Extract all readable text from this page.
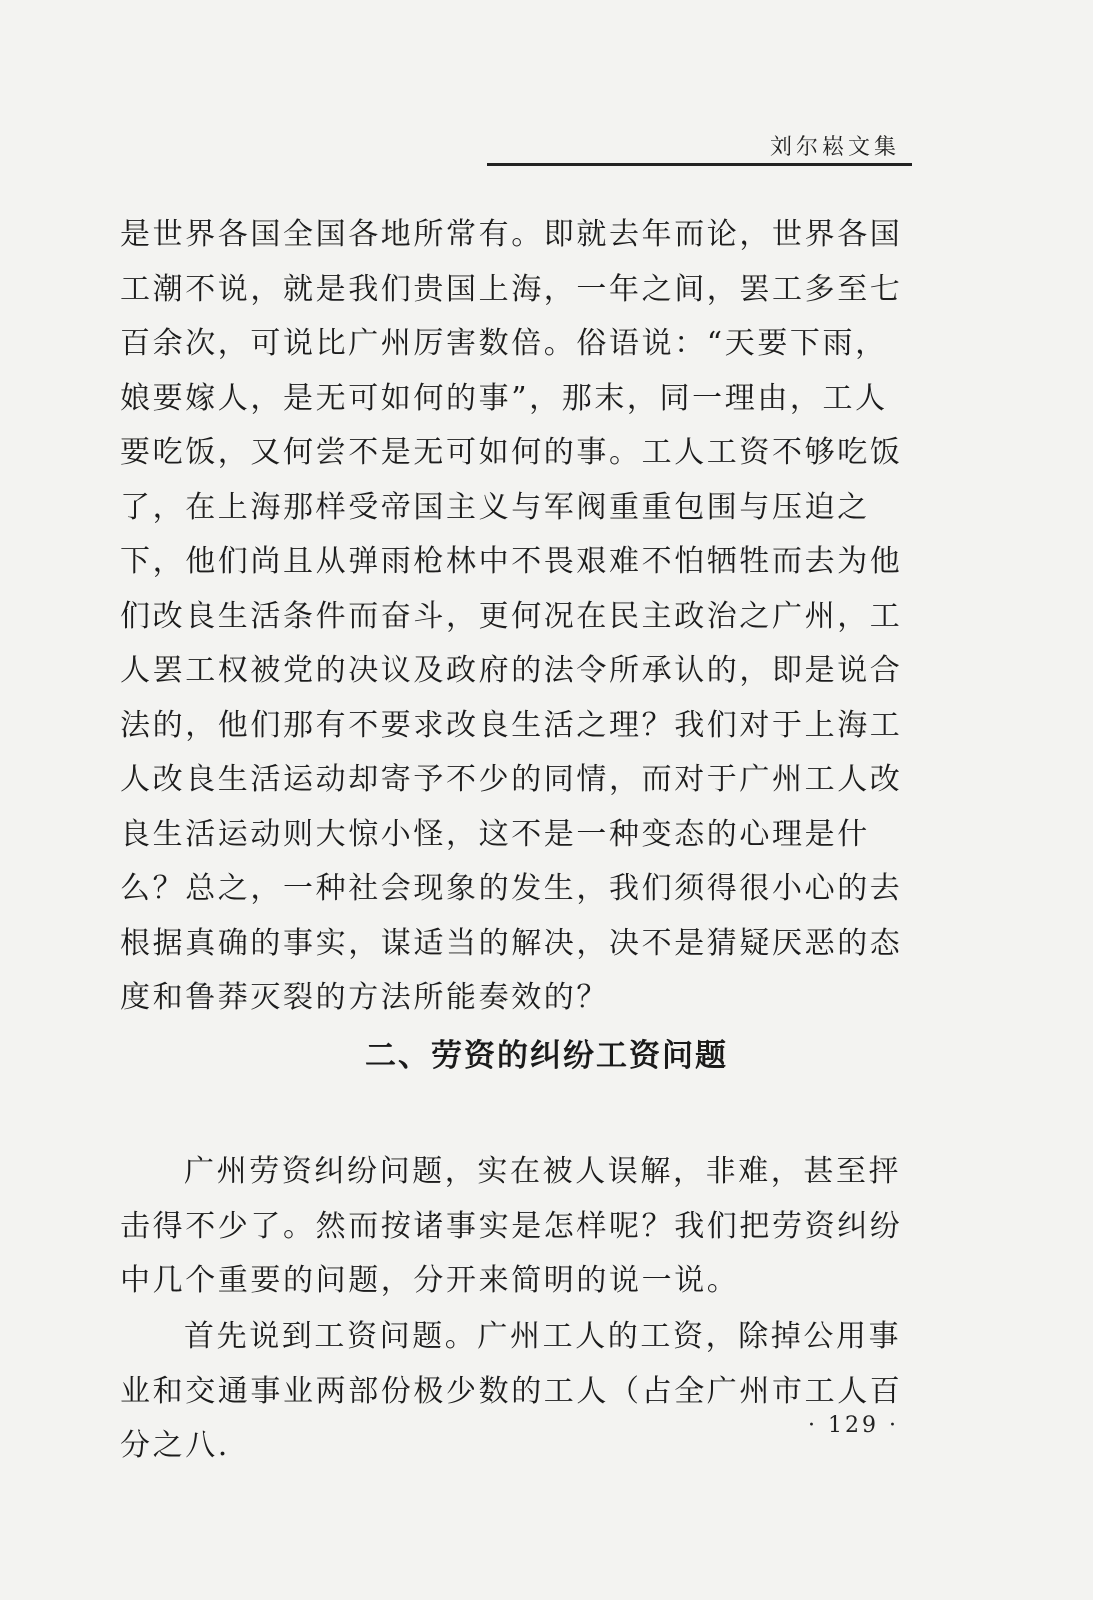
刘尔崧文集

是世界各国全国各地所常有。即就去年而论，世界各国工潮不说，就是我们贵国上海，一年之间，罢工多至七百余次，可说比广州厉害数倍。俗语说：“天要下雨，娘要嫁人，是无可如何的事”，那末，同一理由，工人要吃饭，又何尝不是无可如何的事。工人工资不够吃饭了，在上海那样受帝国主义与军阀重重包围与压迫之下，他们尚且从弹雨枪林中不畏艰难不怕牺牲而去为他们改良生活条件而奋斗，更何况在民主政治之广州，工人罢工权被党的决议及政府的法令所承认的，即是说合法的，他们那有不要求改良生活之理？我们对于上海工人改良生活运动却寄予不少的同情，而对于广州工人改良生活运动则大惊小怪，这不是一种变态的心理是什么？总之，一种社会现象的发生，我们须得很小心的去根据真确的事实，谋适当的解决，决不是猜疑厌恶的态度和鲁莽灭裂的方法所能奏效的？

二、劳资的纠纷工资问题

广州劳资纠纷问题，实在被人误解，非难，甚至抨击得不少了。然而按诸事实是怎样呢？我们把劳资纠纷中几个重要的问题，分开来简明的说一说。

首先说到工资问题。广州工人的工资，除掉公用事业和交通事业两部份极少数的工人（占全广州市工人百分之八.

· 129 ·
